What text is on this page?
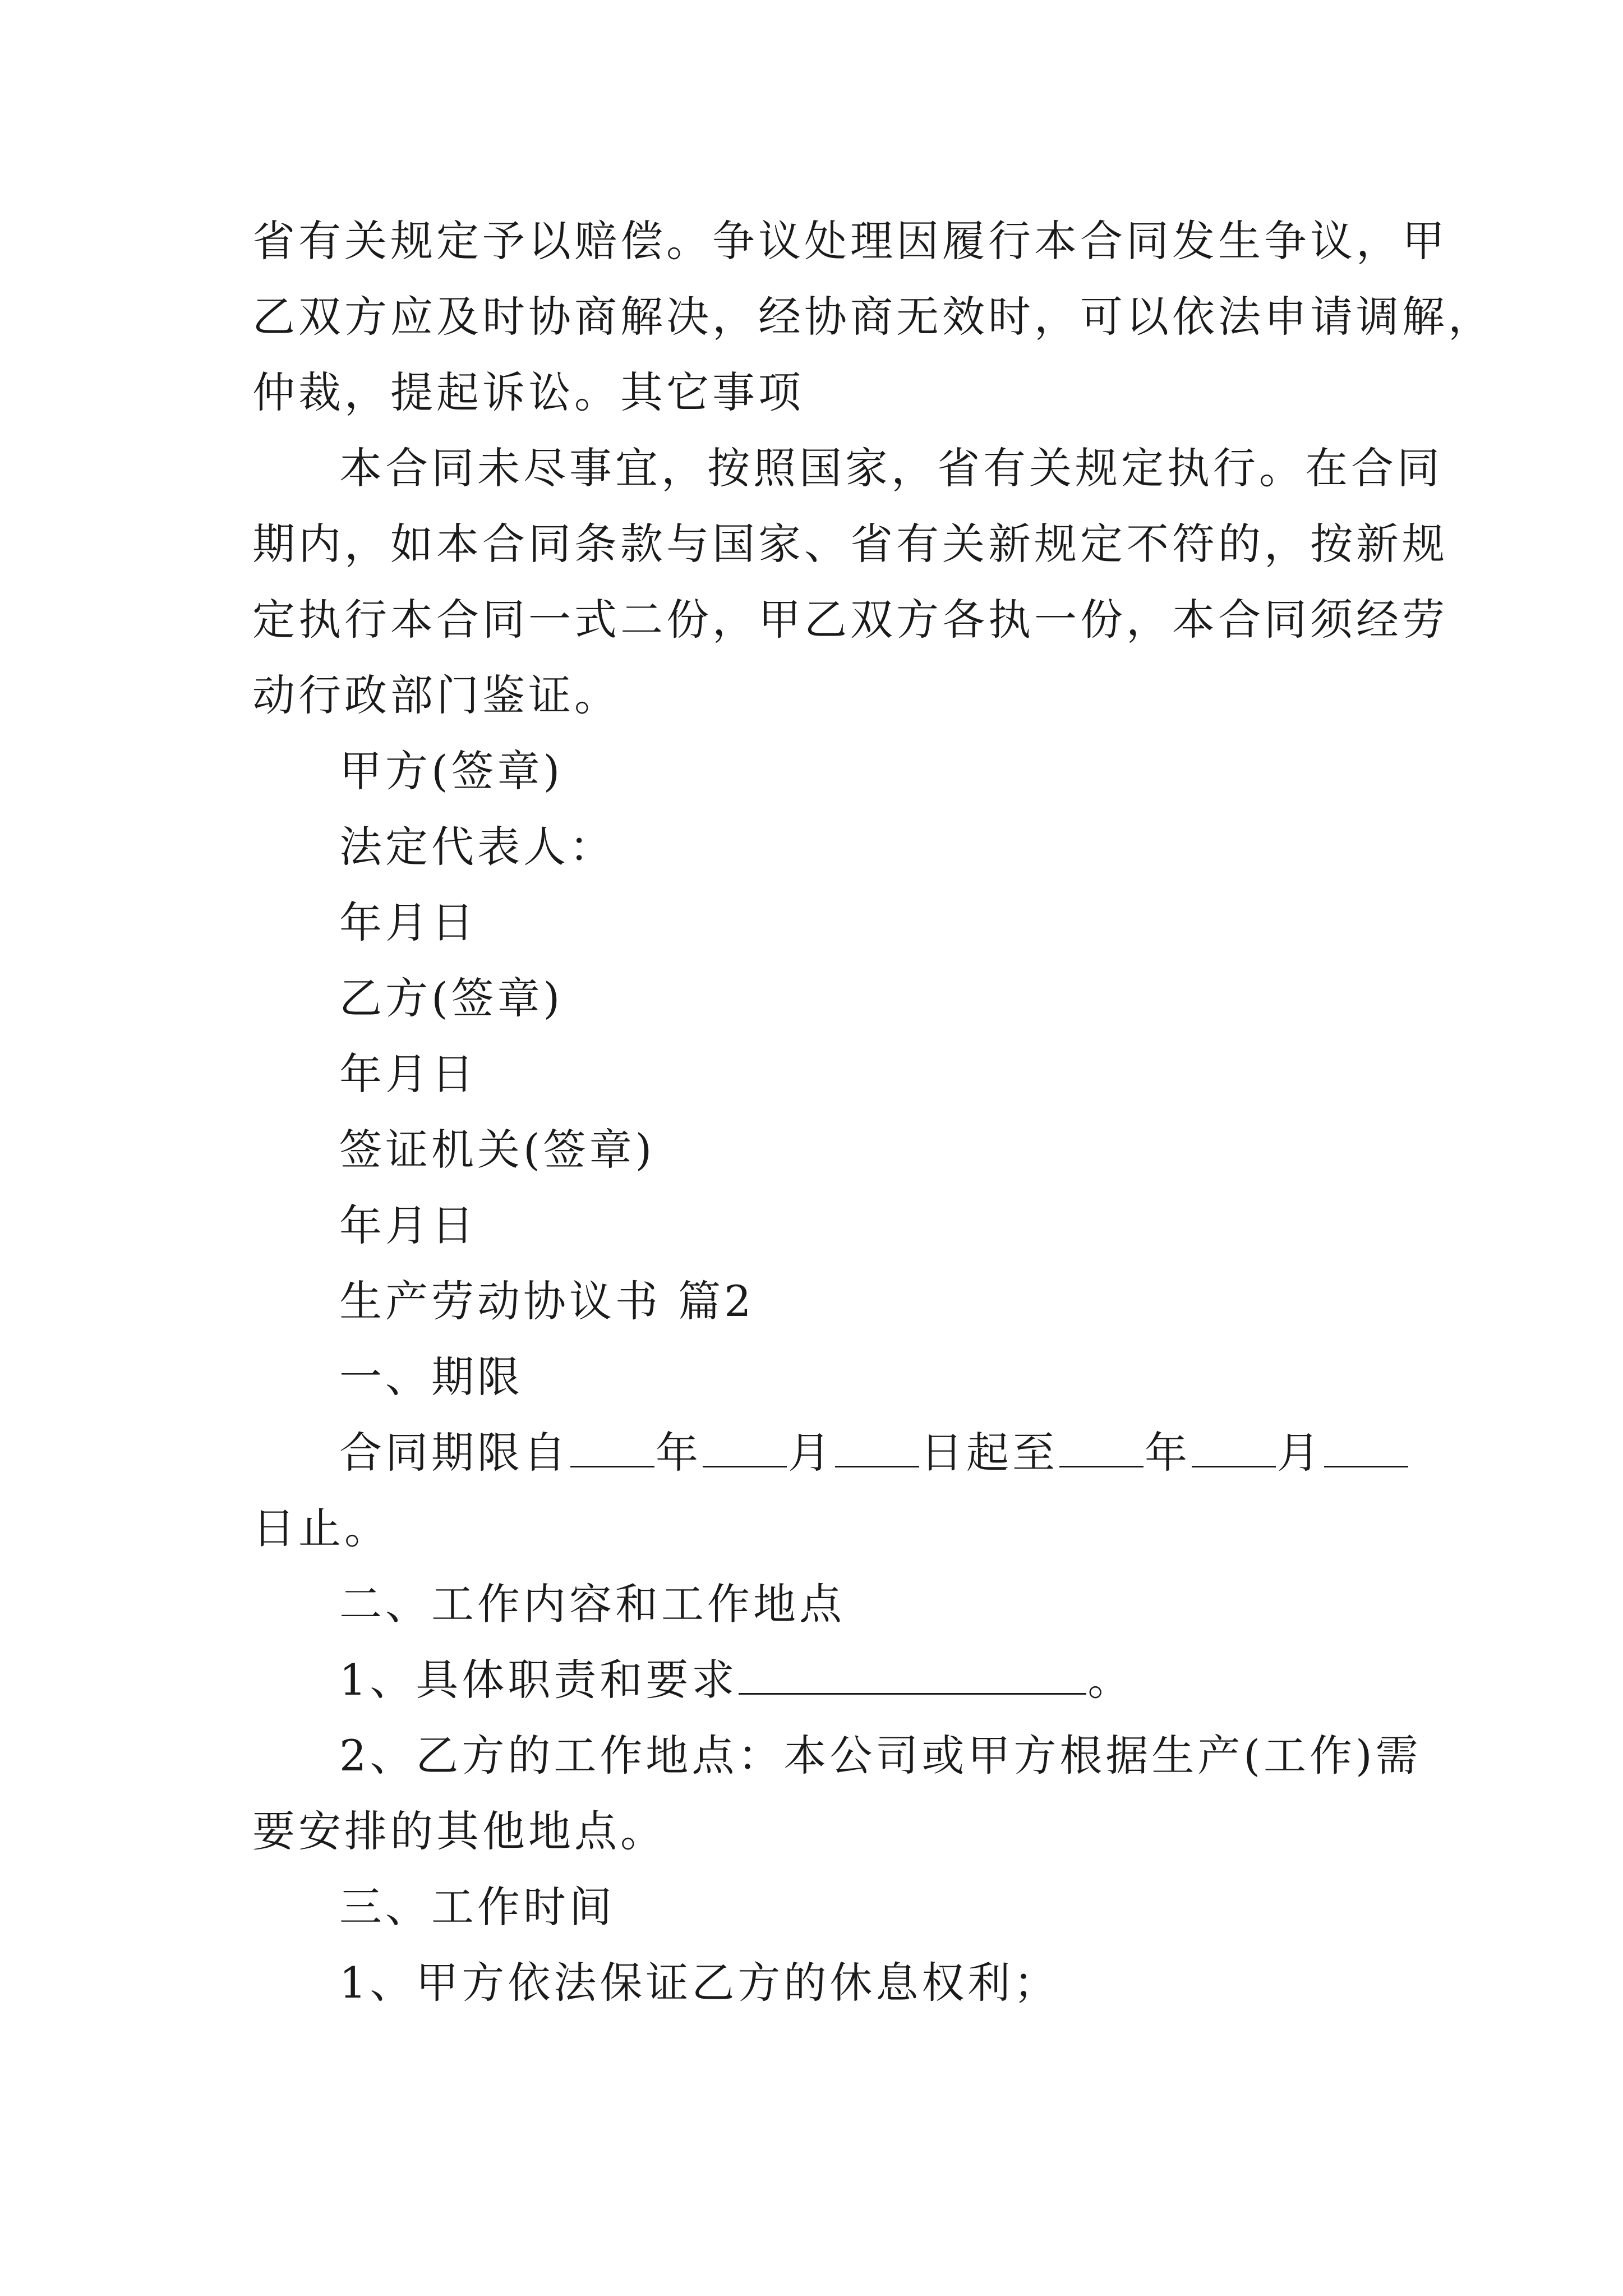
省有关规定予以赔偿。争议处理因履行本合同发生争议，甲
乙双方应及时协商解决，经协商无效时，可以依法申请调解，
仲裁，提起诉讼。其它事项
本合同未尽事宜，按照国家，省有关规定执行。在合同
期内，如本合同条款与国家、省有关新规定不符的，按新规
定执行本合同一式二份，甲乙双方各执一份，本合同须经劳
动行政部门鉴证。
甲方(签章)
法定代表人：
年月日
乙方(签章)
年月日
签证机关(签章)
年月日
生产劳动协议书 篇2
一、期限
合同期限自 年 月 日起至 年 月
日止。
二、工作内容和工作地点
1、具体职责和要求	。
2、乙方的工作地点：本公司或甲方根据生产(工作)需
要安排的其他地点。
三、工作时间
1、甲方依法保证乙方的休息权利；
